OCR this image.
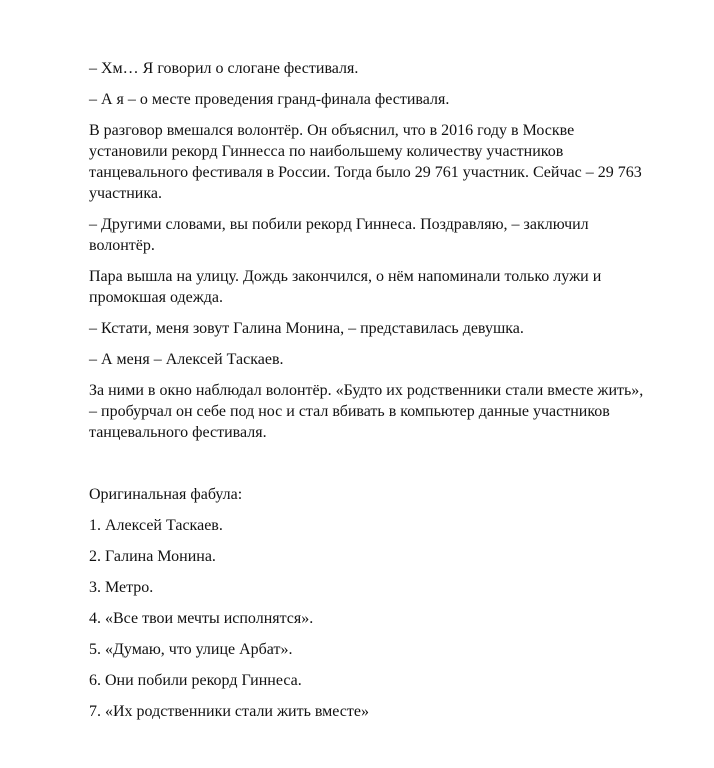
– Хм… Я говорил о слогане фестиваля.

– А я – о месте проведения гранд-финала фестиваля.

В разговор вмешался волонтёр. Он объяснил, что в 2016 году в Москве установили рекорд Гиннесса по наибольшему количеству участников танцевального фестиваля в России. Тогда было 29 761 участник. Сейчас – 29 763 участника.

– Другими словами, вы побили рекорд Гиннеса. Поздравляю, – заключил волонтёр.

Пара вышла на улицу. Дождь закончился, о нём напоминали только лужи и промокшая одежда.

– Кстати, меня зовут Галина Монина, – представилась девушка.

– А меня – Алексей Таскаев.

За ними в окно наблюдал волонтёр. «Будто их родственники стали вместе жить», – пробурчал он себе под нос и стал вбивать в компьютер данные участников танцевального фестиваля.

Оригинальная фабула:

1. Алексей Таскаев.

2. Галина Монина.

3. Метро.

4. «Все твои мечты исполнятся».

5. «Думаю, что улице Арбат».

6. Они побили рекорд Гиннеса.

7. «Их родственники стали жить вместе»
